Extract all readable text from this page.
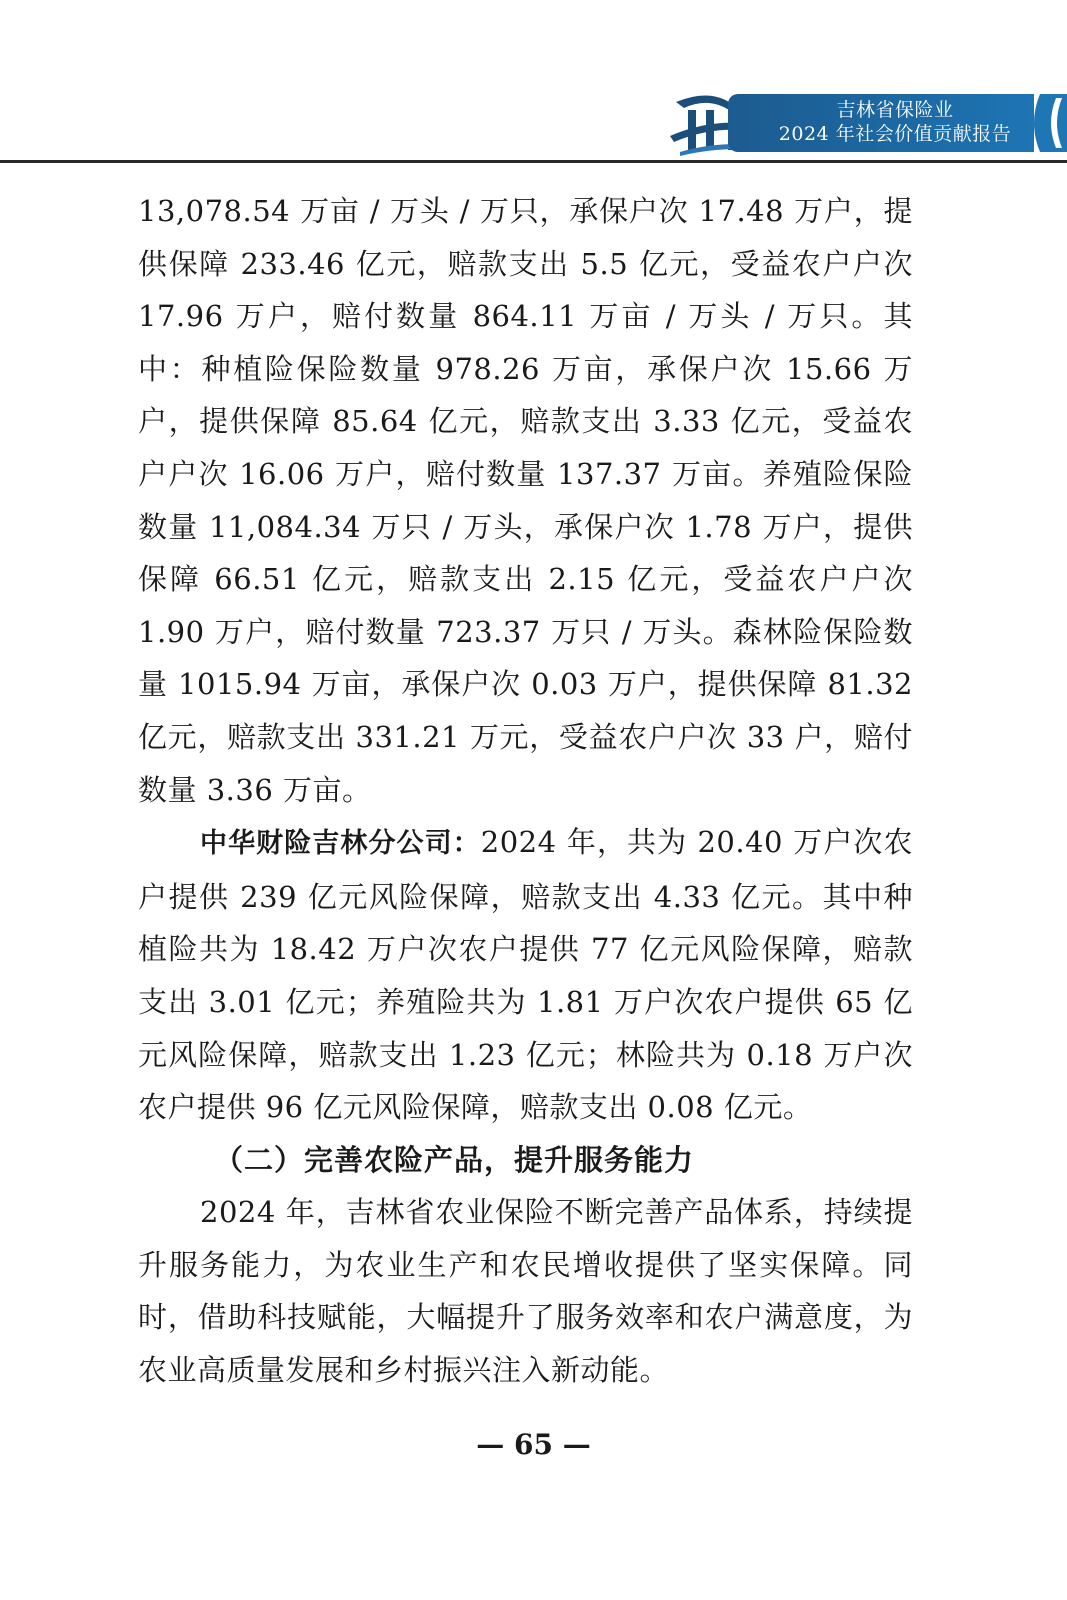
吉林省保险业
2024 年社会价值贡献报告

13,078.54 万亩 / 万头 / 万只，承保户次 17.48 万户，提供保障 233.46 亿元，赔款支出 5.5 亿元，受益农户户次 17.96 万户，赔付数量 864.11 万亩 / 万头 / 万只。其中：种植险保险数量 978.26 万亩，承保户次 15.66 万户，提供保障 85.64 亿元，赔款支出 3.33 亿元，受益农户户次 16.06 万户，赔付数量 137.37 万亩。养殖险保险数量 11,084.34 万只 / 万头，承保户次 1.78 万户，提供保障 66.51 亿元，赔款支出 2.15 亿元，受益农户户次 1.90 万户，赔付数量 723.37 万只 / 万头。森林险保险数量 1015.94 万亩，承保户次 0.03 万户，提供保障 81.32 亿元，赔款支出 331.21 万元，受益农户户次 33 户，赔付数量 3.36 万亩。

中华财险吉林分公司：2024 年，共为 20.40 万户次农户提供 239 亿元风险保障，赔款支出 4.33 亿元。其中种植险共为 18.42 万户次农户提供 77 亿元风险保障，赔款支出 3.01 亿元；养殖险共为 1.81 万户次农户提供 65 亿元风险保障，赔款支出 1.23 亿元；林险共为 0.18 万户次农户提供 96 亿元风险保障，赔款支出 0.08 亿元。

（二）完善农险产品，提升服务能力

2024 年，吉林省农业保险不断完善产品体系，持续提升服务能力，为农业生产和农民增收提供了坚实保障。同时，借助科技赋能，大幅提升了服务效率和农户满意度，为农业高质量发展和乡村振兴注入新动能。

— 65 —
